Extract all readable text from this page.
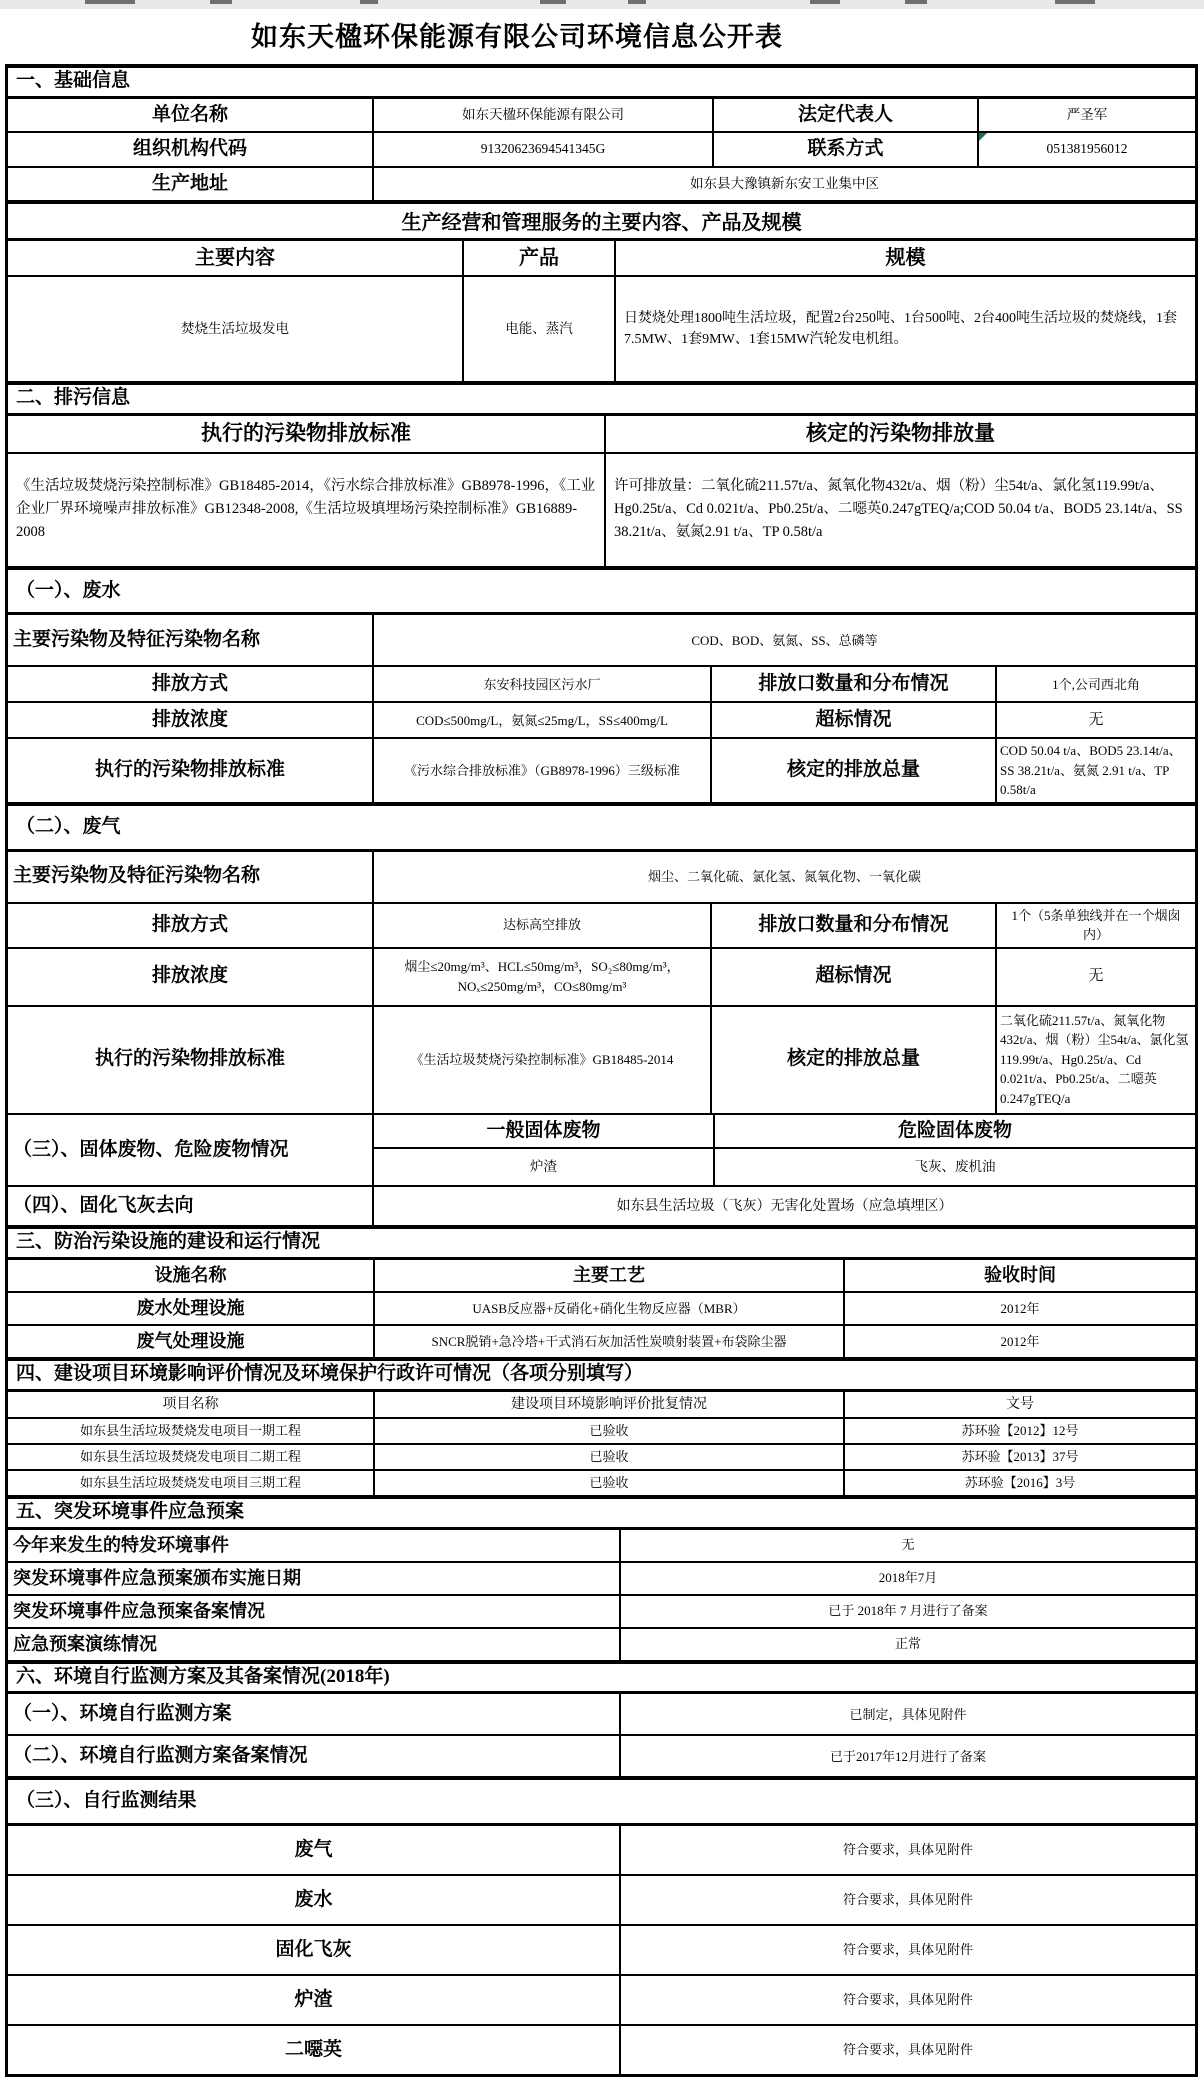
如东天楹环保能源有限公司环境信息公开表
一、基础信息
单位名称	如东天楹环保能源有限公司	法定代表人	严圣军
组织机构代码	91320623694541345G	联系方式	051381956012
生产地址	如东县大豫镇新东安工业集中区		
生产经营和管理服务的主要内容、产品及规模
主要内容	产品	规模
焚烧生活垃圾发电	电能、蒸汽	日焚烧处理1800吨生活垃圾，配置2台250吨、1台500吨、2台400吨生活垃圾的焚烧线，1套7.5MW、1套9MW、1套15MW汽轮发电机组。
二、排污信息
执行的污染物排放标准	核定的污染物排放量
《生活垃圾焚烧污染控制标准》GB18485-2014，《污水综合排放标准》GB8978-1996，《工业企业厂界环境噪声排放标准》GB12348-2008,《生活垃圾填埋场污染控制标准》GB16889-2008	许可排放量：二氧化硫211.57t/a、氮氧化物432t/a、烟（粉）尘54t/a、氯化氢119.99t/a、Hg0.25t/a、Cd 0.021t/a、Pb0.25t/a、二噁英0.247gTEQ/a;COD 50.04 t/a、BOD5 23.14t/a、SS 38.21t/a、氨氮2.91 t/a、TP 0.58t/a
（一）、废水
主要污染物及特征污染物名称	COD、BOD、氨氮、SS、总磷等		
排放方式	东安科技园区污水厂	排放口数量和分布情况	1个,公司西北角
排放浓度	COD≤500mg/L，氨氮≤25mg/L，SS≤400mg/L	超标情况	无
执行的污染物排放标准	《污水综合排放标准》（GB8978-1996）三级标准	核定的排放总量	COD 50.04 t/a、BOD5 23.14t/a、SS 38.21t/a、氨氮 2.91 t/a、TP 0.58t/a
（二）、废气
主要污染物及特征污染物名称	烟尘、二氧化硫、氯化氢、氮氧化物、一氧化碳		
排放方式	达标高空排放	排放口数量和分布情况	1个（5条单独线并在一个烟囱内）
排放浓度	烟尘≤20mg/m³、HCL≤50mg/m³，SO₂≤80mg/m³，NOₓ≤250mg/m³，CO≤80mg/m³	超标情况	无
执行的污染物排放标准	《生活垃圾焚烧污染控制标准》GB18485-2014	核定的排放总量	二氧化硫211.57t/a、氮氧化物432t/a、烟（粉）尘54t/a、氯化氢119.99t/a、Hg0.25t/a、Cd 0.021t/a、Pb0.25t/a、二噁英0.247gTEQ/a
（三）、固体废物、危险废物情况	一般固体废物	危险固体废物
	炉渣	飞灰、废机油
（四）、固化飞灰去向	如东县生活垃圾（飞灰）无害化处置场（应急填埋区）
三、防治污染设施的建设和运行情况
设施名称	主要工艺	验收时间
废水处理设施	UASB反应器+反硝化+硝化生物反应器（MBR）	2012年
废气处理设施	SNCR脱销+急冷塔+干式消石灰加活性炭喷射装置+布袋除尘器	2012年
四、建设项目环境影响评价情况及环境保护行政许可情况（各项分别填写）
项目名称	建设项目环境影响评价批复情况	文号
如东县生活垃圾焚烧发电项目一期工程	已验收	苏环验【2012】12号
如东县生活垃圾焚烧发电项目二期工程	已验收	苏环验【2013】37号
如东县生活垃圾焚烧发电项目三期工程	已验收	苏环验【2016】3号
五、突发环境事件应急预案
今年来发生的特发环境事件	无
突发环境事件应急预案颁布实施日期	2018年7月
突发环境事件应急预案备案情况	已于 2018年 7 月进行了备案
应急预案演练情况	正常
六、环境自行监测方案及其备案情况(2018年)
（一）、环境自行监测方案	已制定，具体见附件
（二）、环境自行监测方案备案情况	已于2017年12月进行了备案
（三）、自行监测结果
废气	符合要求，具体见附件
废水	符合要求，具体见附件
固化飞灰	符合要求，具体见附件
炉渣	符合要求，具体见附件
二噁英	符合要求，具体见附件
